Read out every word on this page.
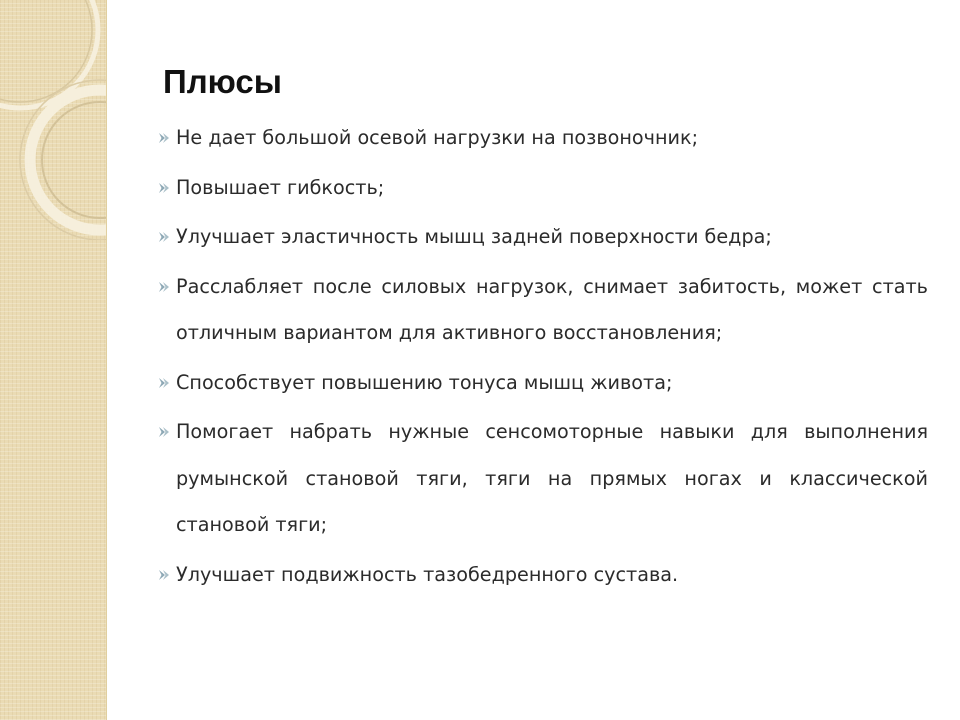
Плюсы
Не дает большой осевой нагрузки на позвоночник;
Повышает гибкость;
Улучшает эластичность мышц задней поверхности бедра;
Расслабляет после силовых нагрузок, снимает забитость, может стать отличным вариантом для активного восстановления;
Способствует повышению тонуса мышц живота;
Помогает набрать нужные сенсомоторные навыки для выполнения румынской становой тяги, тяги на прямых ногах и классической становой тяги;
Улучшает подвижность тазобедренного сустава.
